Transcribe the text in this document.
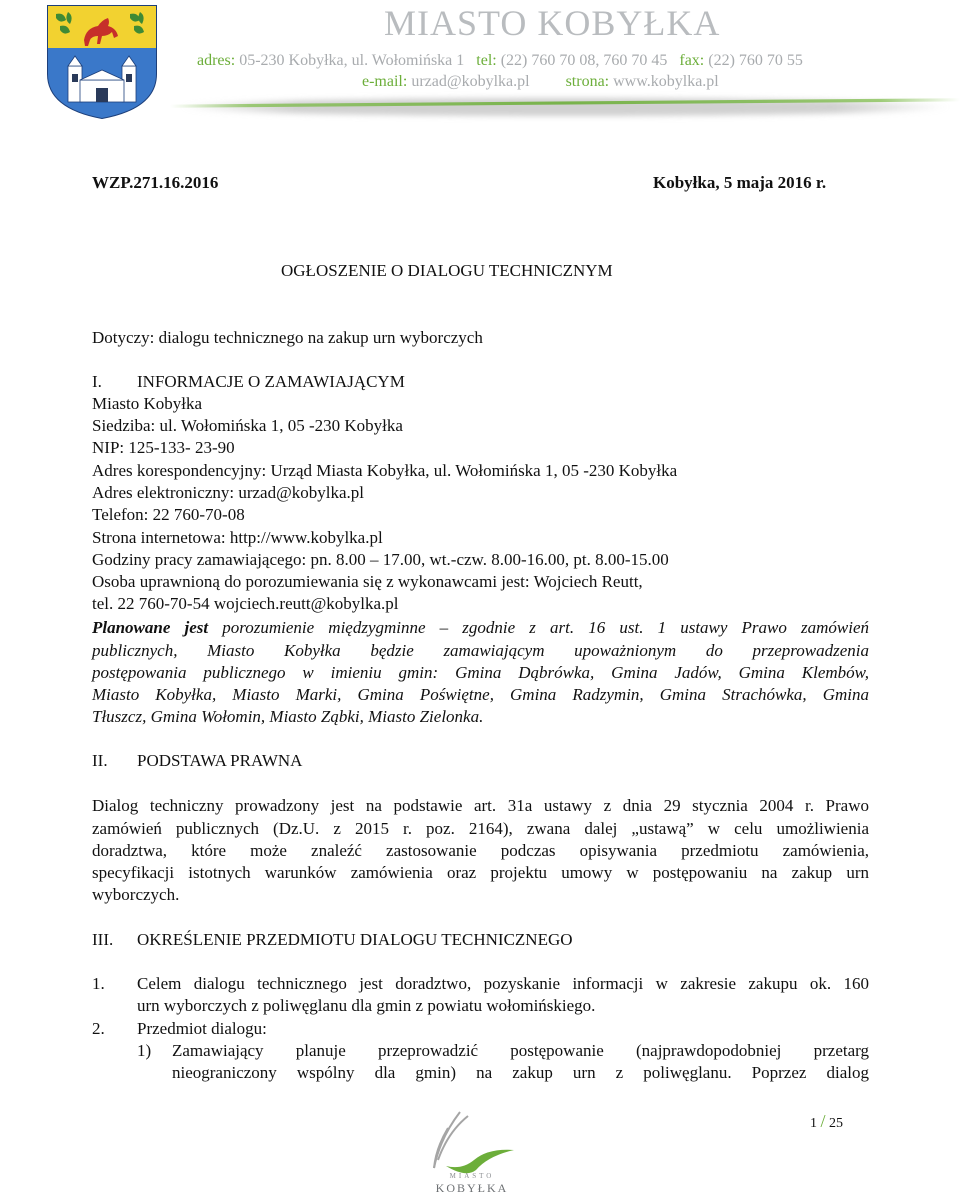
MIASTO KOBYŁKA
adres: 05-230 Kobyłka, ul. Wołomińska 1 tel: (22) 760 70 08, 760 70 45 fax: (22) 760 70 55
e-mail: urzad@kobylka.pl strona: www.kobylka.pl
WZP.271.16.2016	Kobyłka, 5 maja 2016 r.
OGŁOSZENIE O DIALOGU TECHNICZNYM
Dotyczy: dialogu technicznego na zakup urn wyborczych
I. INFORMACJE O ZAMAWIAJĄCYM
Miasto Kobyłka
Siedziba: ul. Wołomińska 1, 05 -230 Kobyłka
NIP: 125-133- 23-90
Adres korespondencyjny: Urząd Miasta Kobyłka, ul. Wołomińska 1, 05 -230 Kobyłka
Adres elektroniczny: urzad@kobylka.pl
Telefon: 22 760-70-08
Strona internetowa: http://www.kobylka.pl
Godziny pracy zamawiającego: pn. 8.00 – 17.00, wt.-czw. 8.00-16.00, pt. 8.00-15.00
Osoba uprawnioną do porozumiewania się z wykonawcami jest: Wojciech Reutt,
tel. 22 760-70-54 wojciech.reutt@kobylka.pl
Planowane jest porozumienie międzygminne – zgodnie z art. 16 ust. 1 ustawy Prawo zamówień
publicznych, Miasto Kobyłka będzie zamawiającym upoważnionym do przeprowadzenia
postępowania publicznego w imieniu gmin: Gmina Dąbrówka, Gmina Jadów, Gmina Klembów,
Miasto Kobyłka, Miasto Marki, Gmina Poświętne, Gmina Radzymin, Gmina Strachówka, Gmina
Tłuszcz, Gmina Wołomin, Miasto Ząbki, Miasto Zielonka.
II. PODSTAWA PRAWNA
Dialog techniczny prowadzony jest na podstawie art. 31a ustawy z dnia 29 stycznia 2004 r. Prawo
zamówień publicznych (Dz.U. z 2015 r. poz. 2164), zwana dalej „ustawą” w celu umożliwienia
doradztwa, które może znaleźć zastosowanie podczas opisywania przedmiotu zamówienia,
specyfikacji istotnych warunków zamówienia oraz projektu umowy w postępowaniu na zakup urn
wyborczych.
III. OKREŚLENIE PRZEDMIOTU DIALOGU TECHNICZNEGO
1. Celem dialogu technicznego jest doradztwo, pozyskanie informacji w zakresie zakupu ok. 160
urn wyborczych z poliwęglanu dla gmin z powiatu wołomińskiego.
2. Przedmiot dialogu:
1) Zamawiający planuje przeprowadzić postępowanie (najprawdopodobniej przetarg
nieograniczony wspólny dla gmin) na zakup urn z poliwęglanu. Poprzez dialog
1 / 25
MIASTO
KOBYŁKA
